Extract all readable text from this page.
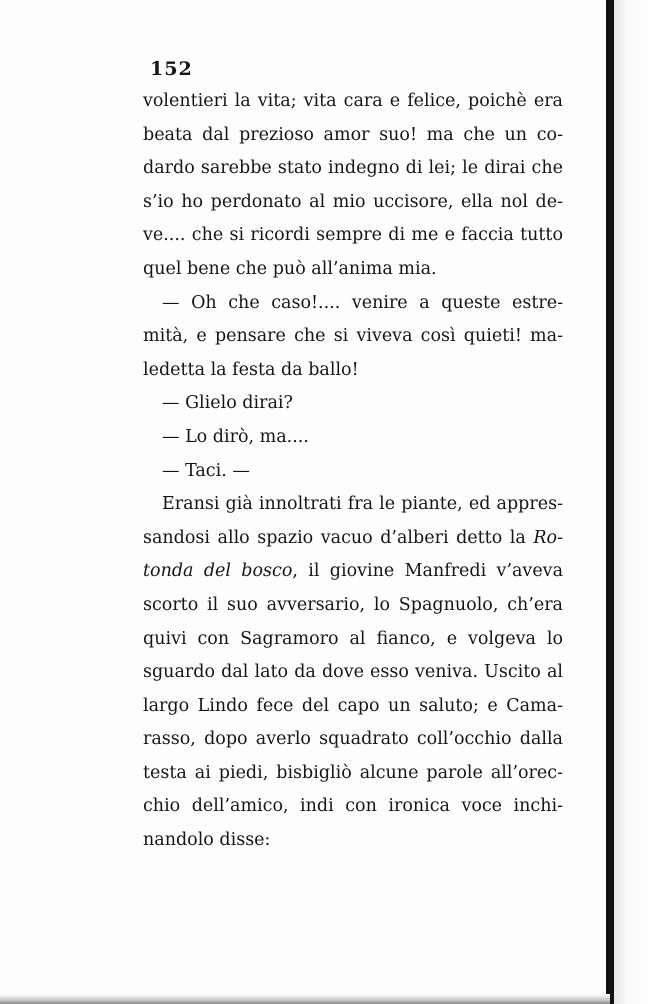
152
volentieri la vita; vita cara e felice, poichè era
beata dal prezioso amor suo! ma che un co-
dardo sarebbe stato indegno di lei; le dirai che
s’io ho perdonato al mio uccisore, ella nol de-
ve.... che si ricordi sempre di me e faccia tutto
quel bene che può all’anima mia.
— Oh che caso!.... venire a queste estre-
mità, e pensare che si viveva così quieti! ma-
ledetta la festa da ballo!
— Glielo dirai?
— Lo dirò, ma....
— Taci. —
Eransi già innoltrati fra le piante, ed appres-
sandosi allo spazio vacuo d’alberi detto la Ro-
tonda del bosco, il giovine Manfredi v’aveva
scorto il suo avversario, lo Spagnuolo, ch’era
quivi con Sagramoro al fianco, e volgeva lo
sguardo dal lato da dove esso veniva. Uscito al
largo Lindo fece del capo un saluto; e Cama-
rasso, dopo averlo squadrato coll’occhio dalla
testa ai piedi, bisbigliò alcune parole all’orec-
chio dell’amico, indi con ironica voce inchi-
nandolo disse:
